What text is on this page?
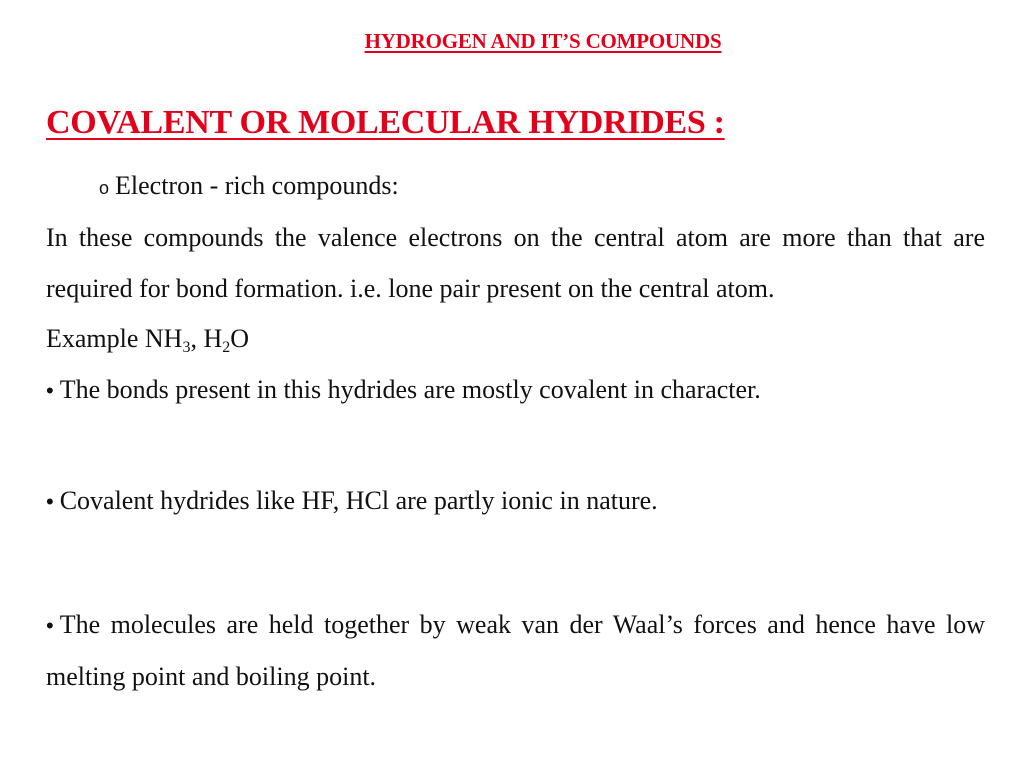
HYDROGEN AND IT’S COMPOUNDS
COVALENT OR MOLECULAR HYDRIDES :
o Electron - rich compounds:

In these compounds the valence electrons on the central atom are more than that are required for bond formation. i.e. lone pair present on the central atom.

Example $NH_3$, $H_2O$

• The bonds present in this hydrides are mostly covalent in character.

• Covalent hydrides like HF, HCl are partly ionic in nature.

• The molecules are held together by weak van der Waal’s forces and hence have low melting point and boiling point.
